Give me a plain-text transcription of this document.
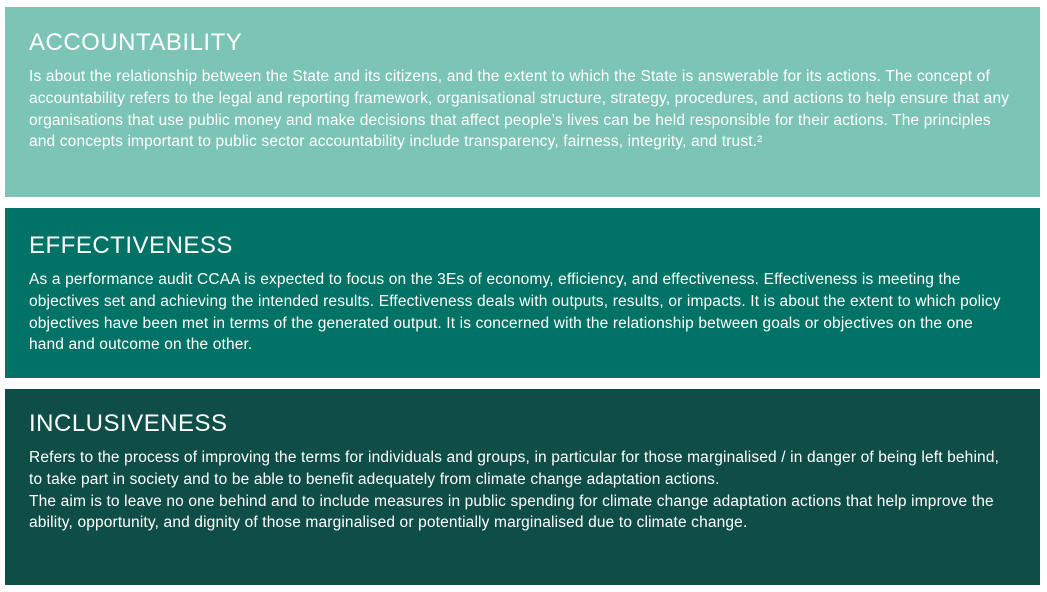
ACCOUNTABILITY

Is about the relationship between the State and its citizens, and the extent to which the State is answerable for its actions. The concept of accountability refers to the legal and reporting framework, organisational structure, strategy, procedures, and actions to help ensure that any organisations that use public money and make decisions that affect people’s lives can be held responsible for their actions. The principles and concepts important to public sector accountability include transparency, fairness, integrity, and trust.²

EFFECTIVENESS

As a performance audit CCAA is expected to focus on the 3Es of economy, efficiency, and effectiveness. Effectiveness is meeting the objectives set and achieving the intended results. Effectiveness deals with outputs, results, or impacts. It is about the extent to which policy objectives have been met in terms of the generated output. It is concerned with the relationship between goals or objectives on the one hand and outcome on the other.

INCLUSIVENESS

Refers to the process of improving the terms for individuals and groups, in particular for those marginalised / in danger of being left behind, to take part in society and to be able to benefit adequately from climate change adaptation actions.

The aim is to leave no one behind and to include measures in public spending for climate change adaptation actions that help improve the ability, opportunity, and dignity of those marginalised or potentially marginalised due to climate change.
